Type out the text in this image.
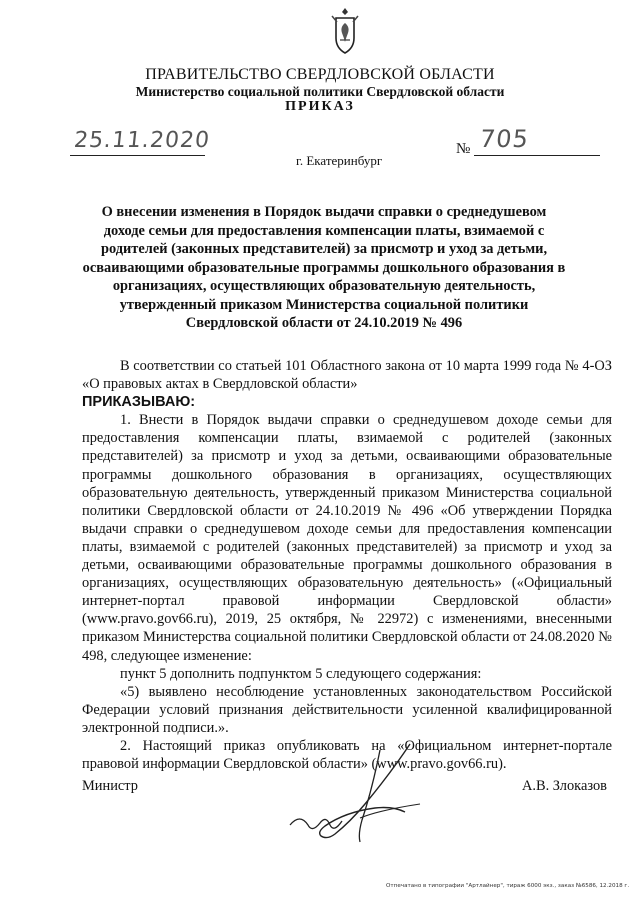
ПРАВИТЕЛЬСТВО СВЕРДЛОВСКОЙ ОБЛАСТИ
Министерство социальной политики Свердловской области
ПРИКАЗ
25.11.2020	№ 705
г. Екатеринбург
О внесении изменения в Порядок выдачи справки о среднедушевом доходе семьи для предоставления компенсации платы, взимаемой с родителей (законных представителей) за присмотр и уход за детьми, осваивающими образовательные программы дошкольного образования в организациях, осуществляющих образовательную деятельность, утвержденный приказом Министерства социальной политики Свердловской области от 24.10.2019 № 496

В соответствии со статьей 101 Областного закона от 10 марта 1999 года № 4-ОЗ «О правовых актах в Свердловской области»

ПРИКАЗЫВАЮ:

1. Внести в Порядок выдачи справки о среднедушевом доходе семьи для предоставления компенсации платы, взимаемой с родителей (законных представителей) за присмотр и уход за детьми, осваивающими образовательные программы дошкольного образования в организациях, осуществляющих образовательную деятельность, утвержденный приказом Министерства социальной политики Свердловской области от 24.10.2019 № 496 «Об утверждении Порядка выдачи справки о среднедушевом доходе семьи для предоставления компенсации платы, взимаемой с родителей (законных представителей) за присмотр и уход за детьми, осваивающими образовательные программы дошкольного образования в организациях, осуществляющих образовательную деятельность» («Официальный интернет-портал правовой информации Свердловской области» (www.pravo.gov66.ru), 2019, 25 октября, № 22972) с изменениями, внесенными приказом Министерства социальной политики Свердловской области от 24.08.2020 № 498, следующее изменение:

пункт 5 дополнить подпунктом 5 следующего содержания:

«5) выявлено несоблюдение установленных законодательством Российской Федерации условий признания действительности усиленной квалифицированной электронной подписи.».

2. Настоящий приказ опубликовать на «Официальном интернет-портале правовой информации Свердловской области» (www.pravo.gov66.ru).

Министр	А.В. Злоказов
Отпечатано в типографии "Артлайнер", тираж 6000 экз., заказ №6586, 12.2018 г.
